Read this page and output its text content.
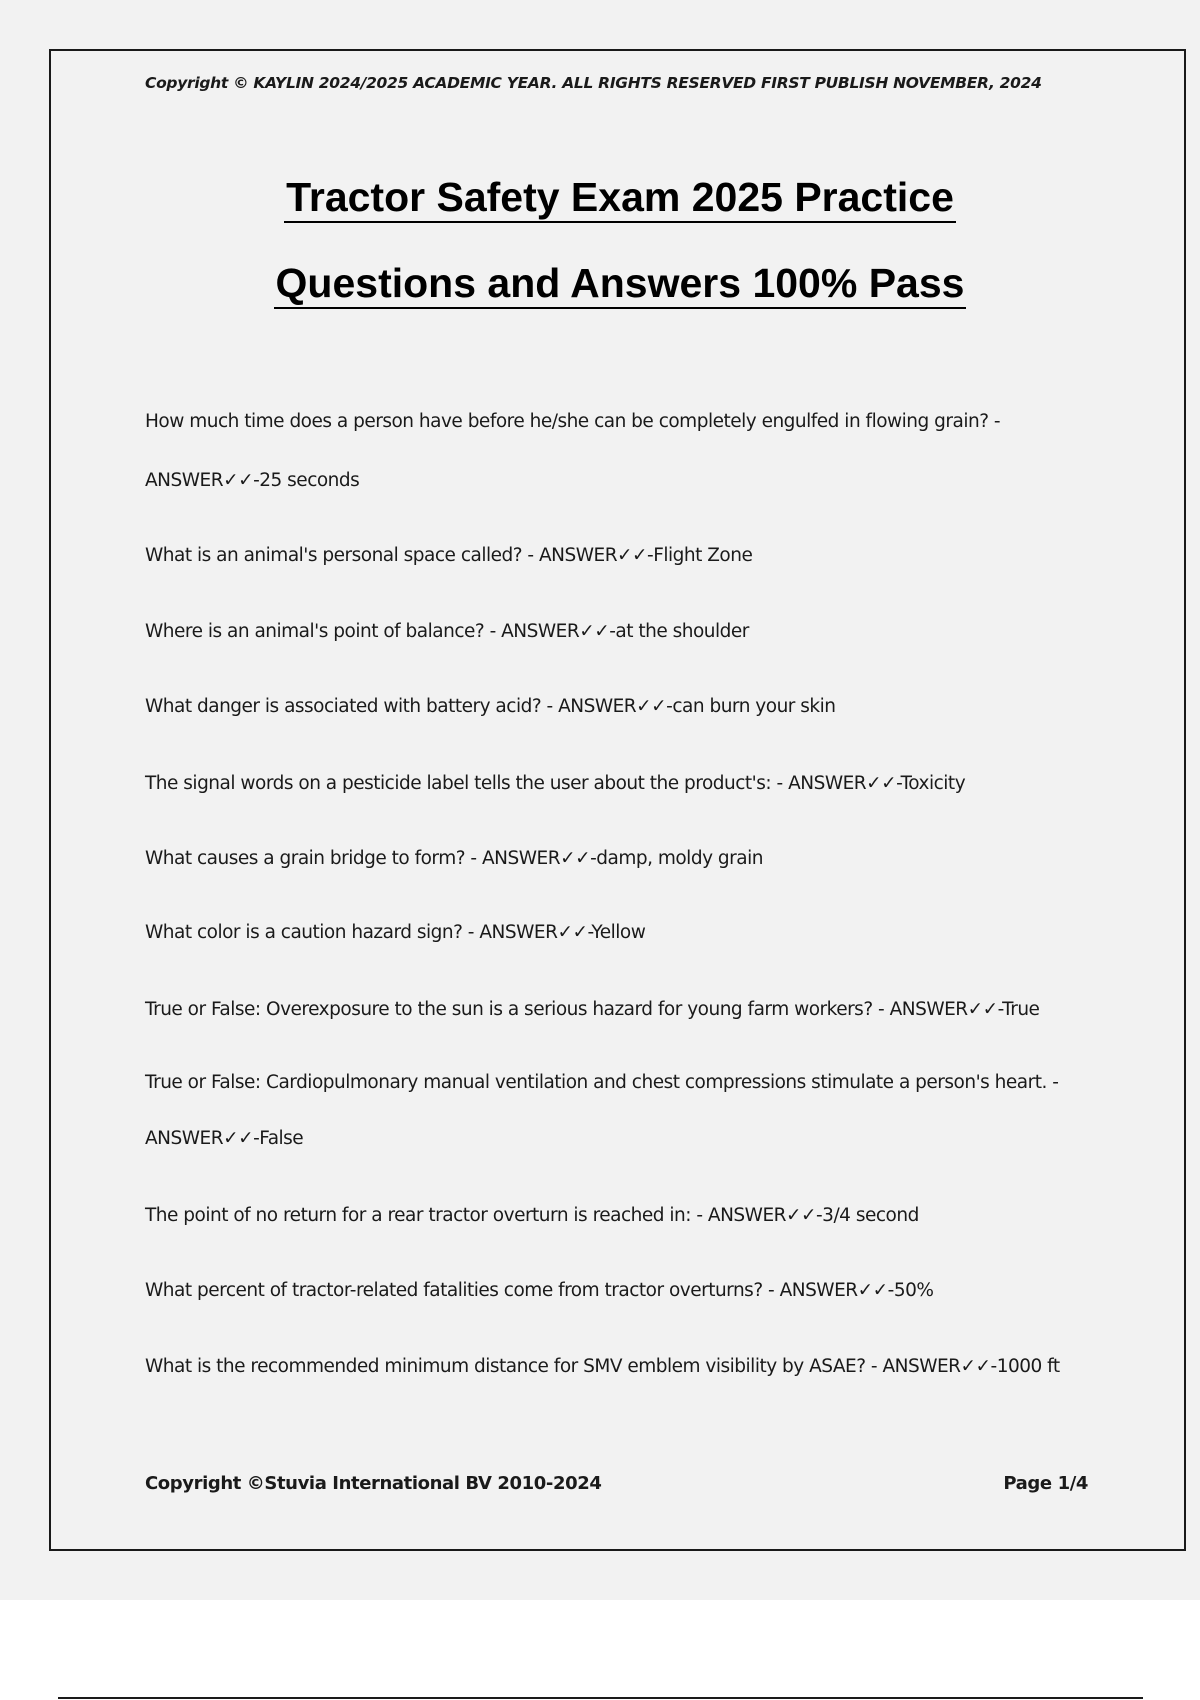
Copyright © KAYLIN 2024/2025 ACADEMIC YEAR. ALL RIGHTS RESERVED FIRST PUBLISH NOVEMBER, 2024
Tractor Safety Exam 2025 Practice
Questions and Answers 100% Pass
How much time does a person have before he/she can be completely engulfed in flowing grain? -
ANSWER✓✓-25 seconds
What is an animal's personal space called? - ANSWER✓✓-Flight Zone
Where is an animal's point of balance? - ANSWER✓✓-at the shoulder
What danger is associated with battery acid? - ANSWER✓✓-can burn your skin
The signal words on a pesticide label tells the user about the product's: - ANSWER✓✓-Toxicity
What causes a grain bridge to form? - ANSWER✓✓-damp, moldy grain
What color is a caution hazard sign? - ANSWER✓✓-Yellow
True or False: Overexposure to the sun is a serious hazard for young farm workers? - ANSWER✓✓-True
True or False: Cardiopulmonary manual ventilation and chest compressions stimulate a person's heart. -
ANSWER✓✓-False
The point of no return for a rear tractor overturn is reached in: - ANSWER✓✓-3/4 second
What percent of tractor-related fatalities come from tractor overturns? - ANSWER✓✓-50%
What is the recommended minimum distance for SMV emblem visibility by ASAE? - ANSWER✓✓-1000 ft
Copyright ©Stuvia International BV 2010-2024	Page 1/4
